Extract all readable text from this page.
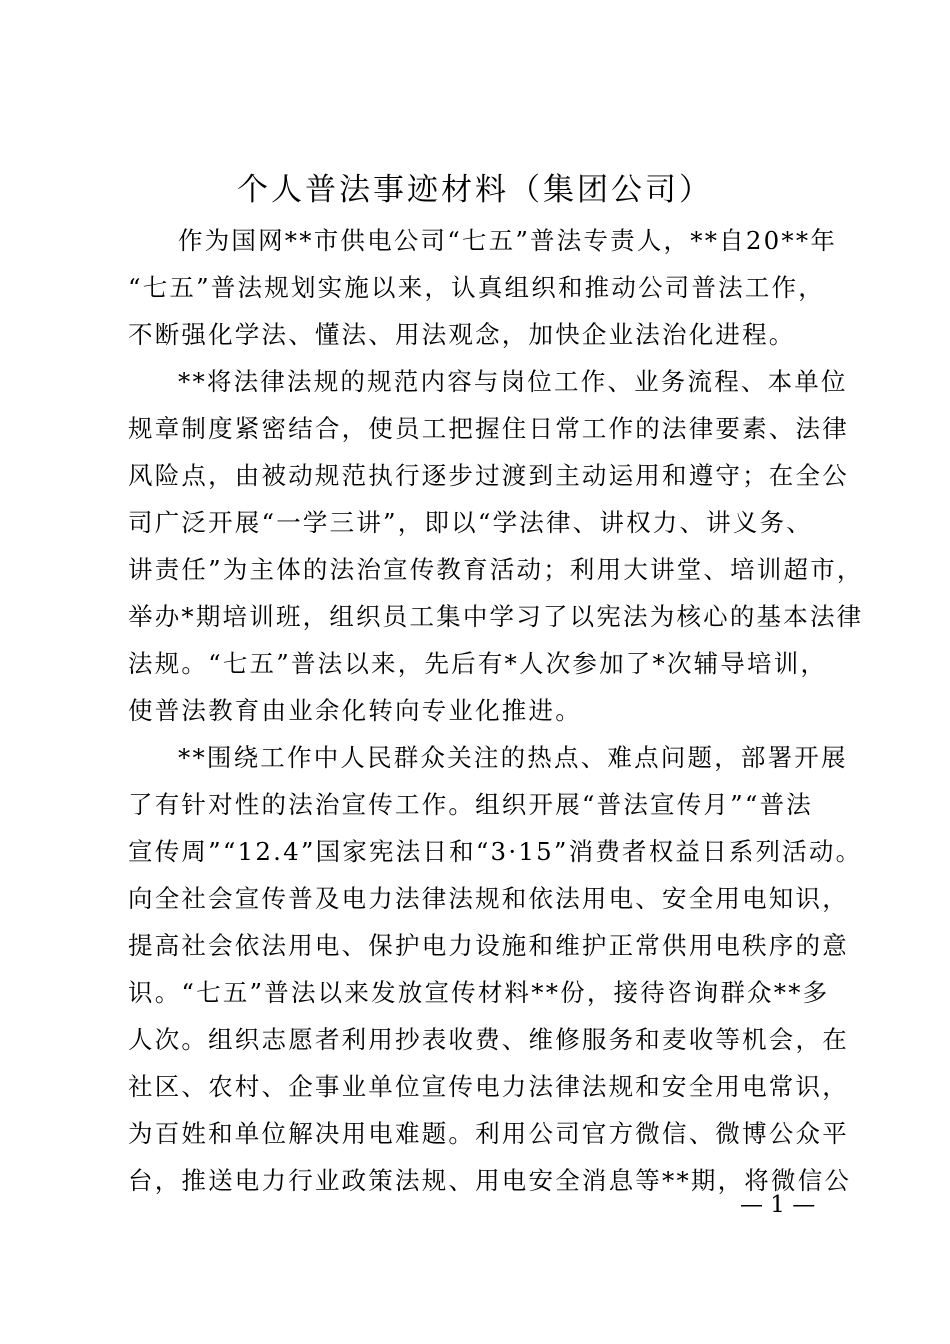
个人普法事迹材料（集团公司）
作为国网**市供电公司“七五”普法专责人，**自20**年
“七五”普法规划实施以来，认真组织和推动公司普法工作，
不断强化学法、懂法、用法观念，加快企业法治化进程。
**将法律法规的规范内容与岗位工作、业务流程、本单位
规章制度紧密结合，使员工把握住日常工作的法律要素、法律
风险点，由被动规范执行逐步过渡到主动运用和遵守；在全公
司广泛开展“一学三讲”，即以“学法律、讲权力、讲义务、
讲责任”为主体的法治宣传教育活动；利用大讲堂、培训超市，
举办*期培训班，组织员工集中学习了以宪法为核心的基本法律
法规。“七五”普法以来，先后有*人次参加了*次辅导培训，
使普法教育由业余化转向专业化推进。
**围绕工作中人民群众关注的热点、难点问题，部署开展
了有针对性的法治宣传工作。组织开展“普法宣传月”“普法
宣传周”“12.4”国家宪法日和“3·15”消费者权益日系列活动。
向全社会宣传普及电力法律法规和依法用电、安全用电知识，
提高社会依法用电、保护电力设施和维护正常供用电秩序的意
识。“七五”普法以来发放宣传材料**份，接待咨询群众**多
人次。组织志愿者利用抄表收费、维修服务和麦收等机会，在
社区、农村、企事业单位宣传电力法律法规和安全用电常识，
为百姓和单位解决用电难题。利用公司官方微信、微博公众平
台，推送电力行业政策法规、用电安全消息等**期，将微信公
— 1 —
